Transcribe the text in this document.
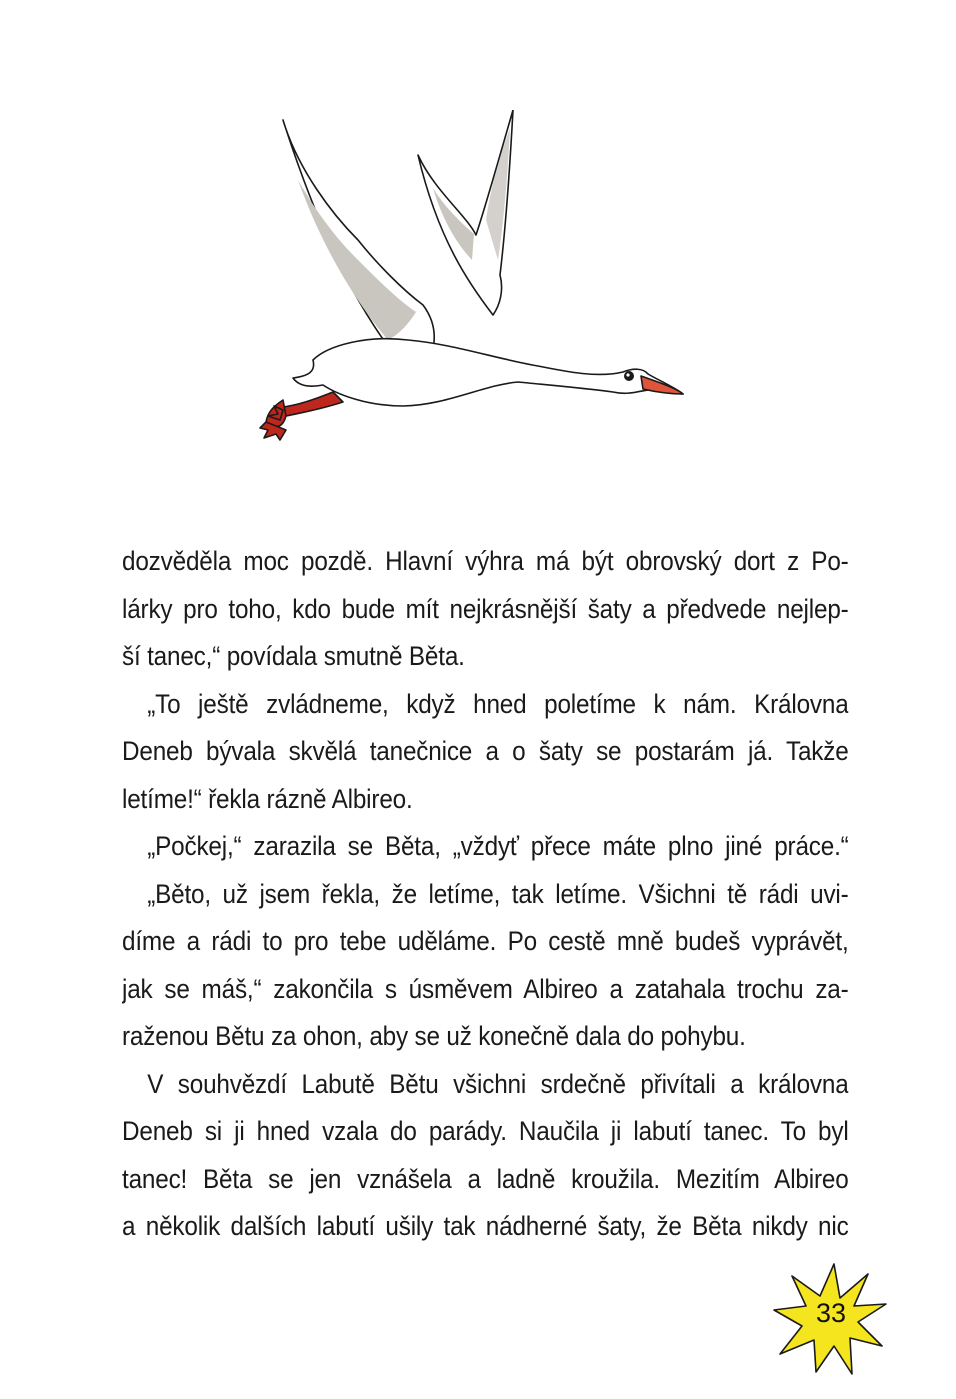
dozvěděla moc pozdě. Hlavní výhra má být obrovský dort z Po-
lárky pro toho, kdo bude mít nejkrásnější šaty a předvede nejlep-
ší tanec,“ povídala smutně Běta.
„To ještě zvládneme, když hned poletíme k nám. Královna
Deneb bývala skvělá tanečnice a o šaty se postarám já. Takže
letíme!“ řekla rázně Albireo.
„Počkej,“ zarazila se Běta, „vždyť přece máte plno jiné práce.“
„Běto, už jsem řekla, že letíme, tak letíme. Všichni tě rádi uvi-
díme a rádi to pro tebe uděláme. Po cestě mně budeš vyprávět,
jak se máš,“ zakončila s úsměvem Albireo a zatahala trochu za-
raženou Bětu za ohon, aby se už konečně dala do pohybu.
V souhvězdí Labutě Bětu všichni srdečně přivítali a královna
Deneb si ji hned vzala do parády. Naučila ji labutí tanec. To byl
tanec! Běta se jen vznášela a ladně kroužila. Mezitím Albireo
a několik dalších labutí ušily tak nádherné šaty, že Běta nikdy nic
33
